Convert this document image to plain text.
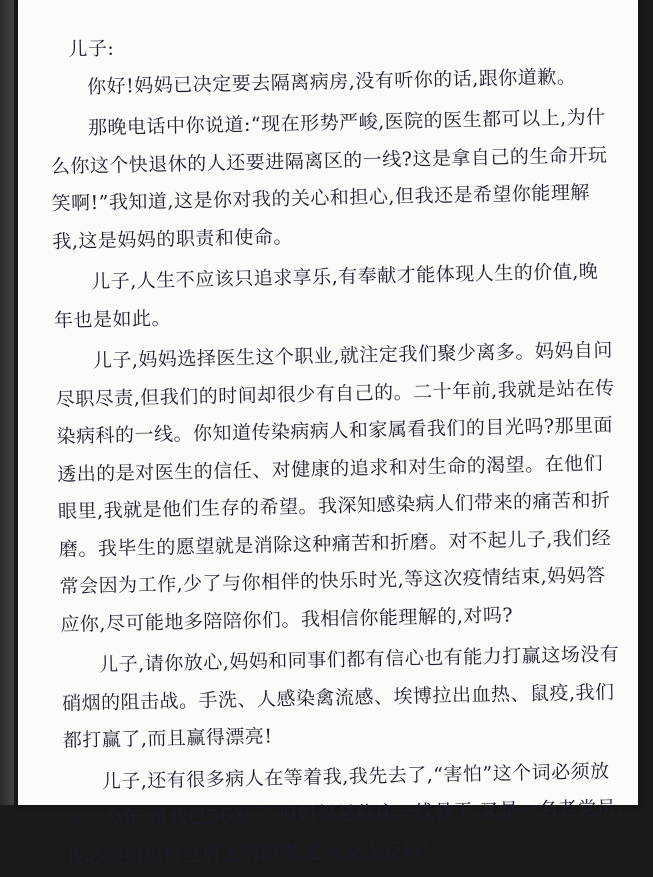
儿子:

你好!妈妈已决定要去隔离病房,没有听你的话,跟你道歉。

那晚电话中你说道:“现在形势严峻,医院的医生都可以上,为什么你这个快退休的人还要进隔离区的一线?这是拿自己的生命开玩笑啊!”我知道,这是你对我的关心和担心,但我还是希望你能理解我,这是妈妈的职责和使命。

儿子,人生不应该只追求享乐,有奉献才能体现人生的价值,晚年也是如此。

儿子,妈妈选择医生这个职业,就注定我们聚少离多。妈妈自问尽职尽责,但我们的时间却很少有自己的。二十年前,我就是站在传染病科的一线。你知道传染病病人和家属看我们的目光吗?那里面透出的是对医生的信任、对健康的追求和对生命的渴望。在他们眼里,我就是他们生存的希望。我深知感染病人们带来的痛苦和折磨。我毕生的愿望就是消除这种痛苦和折磨。对不起儿子,我们经常会因为工作,少了与你相伴的快乐时光,等这次疫情结束,妈妈答应你,尽可能地多陪陪你们。我相信你能理解的,对吗?

儿子,请你放心,妈妈和同事们都有信心也有能力打赢这场没有硝烟的阻击战。手洗、人感染禽流感、埃博拉出血热、鼠疫,我们都打赢了,而且赢得漂亮!

儿子,还有很多病人在等着我,我先去了,“害怕”这个词必须放下。今年,虽我已56岁了,但妈妈是临床一线骨干,又是一名老党员,我必须担起自己肩上的职责,必须义无反顾!
